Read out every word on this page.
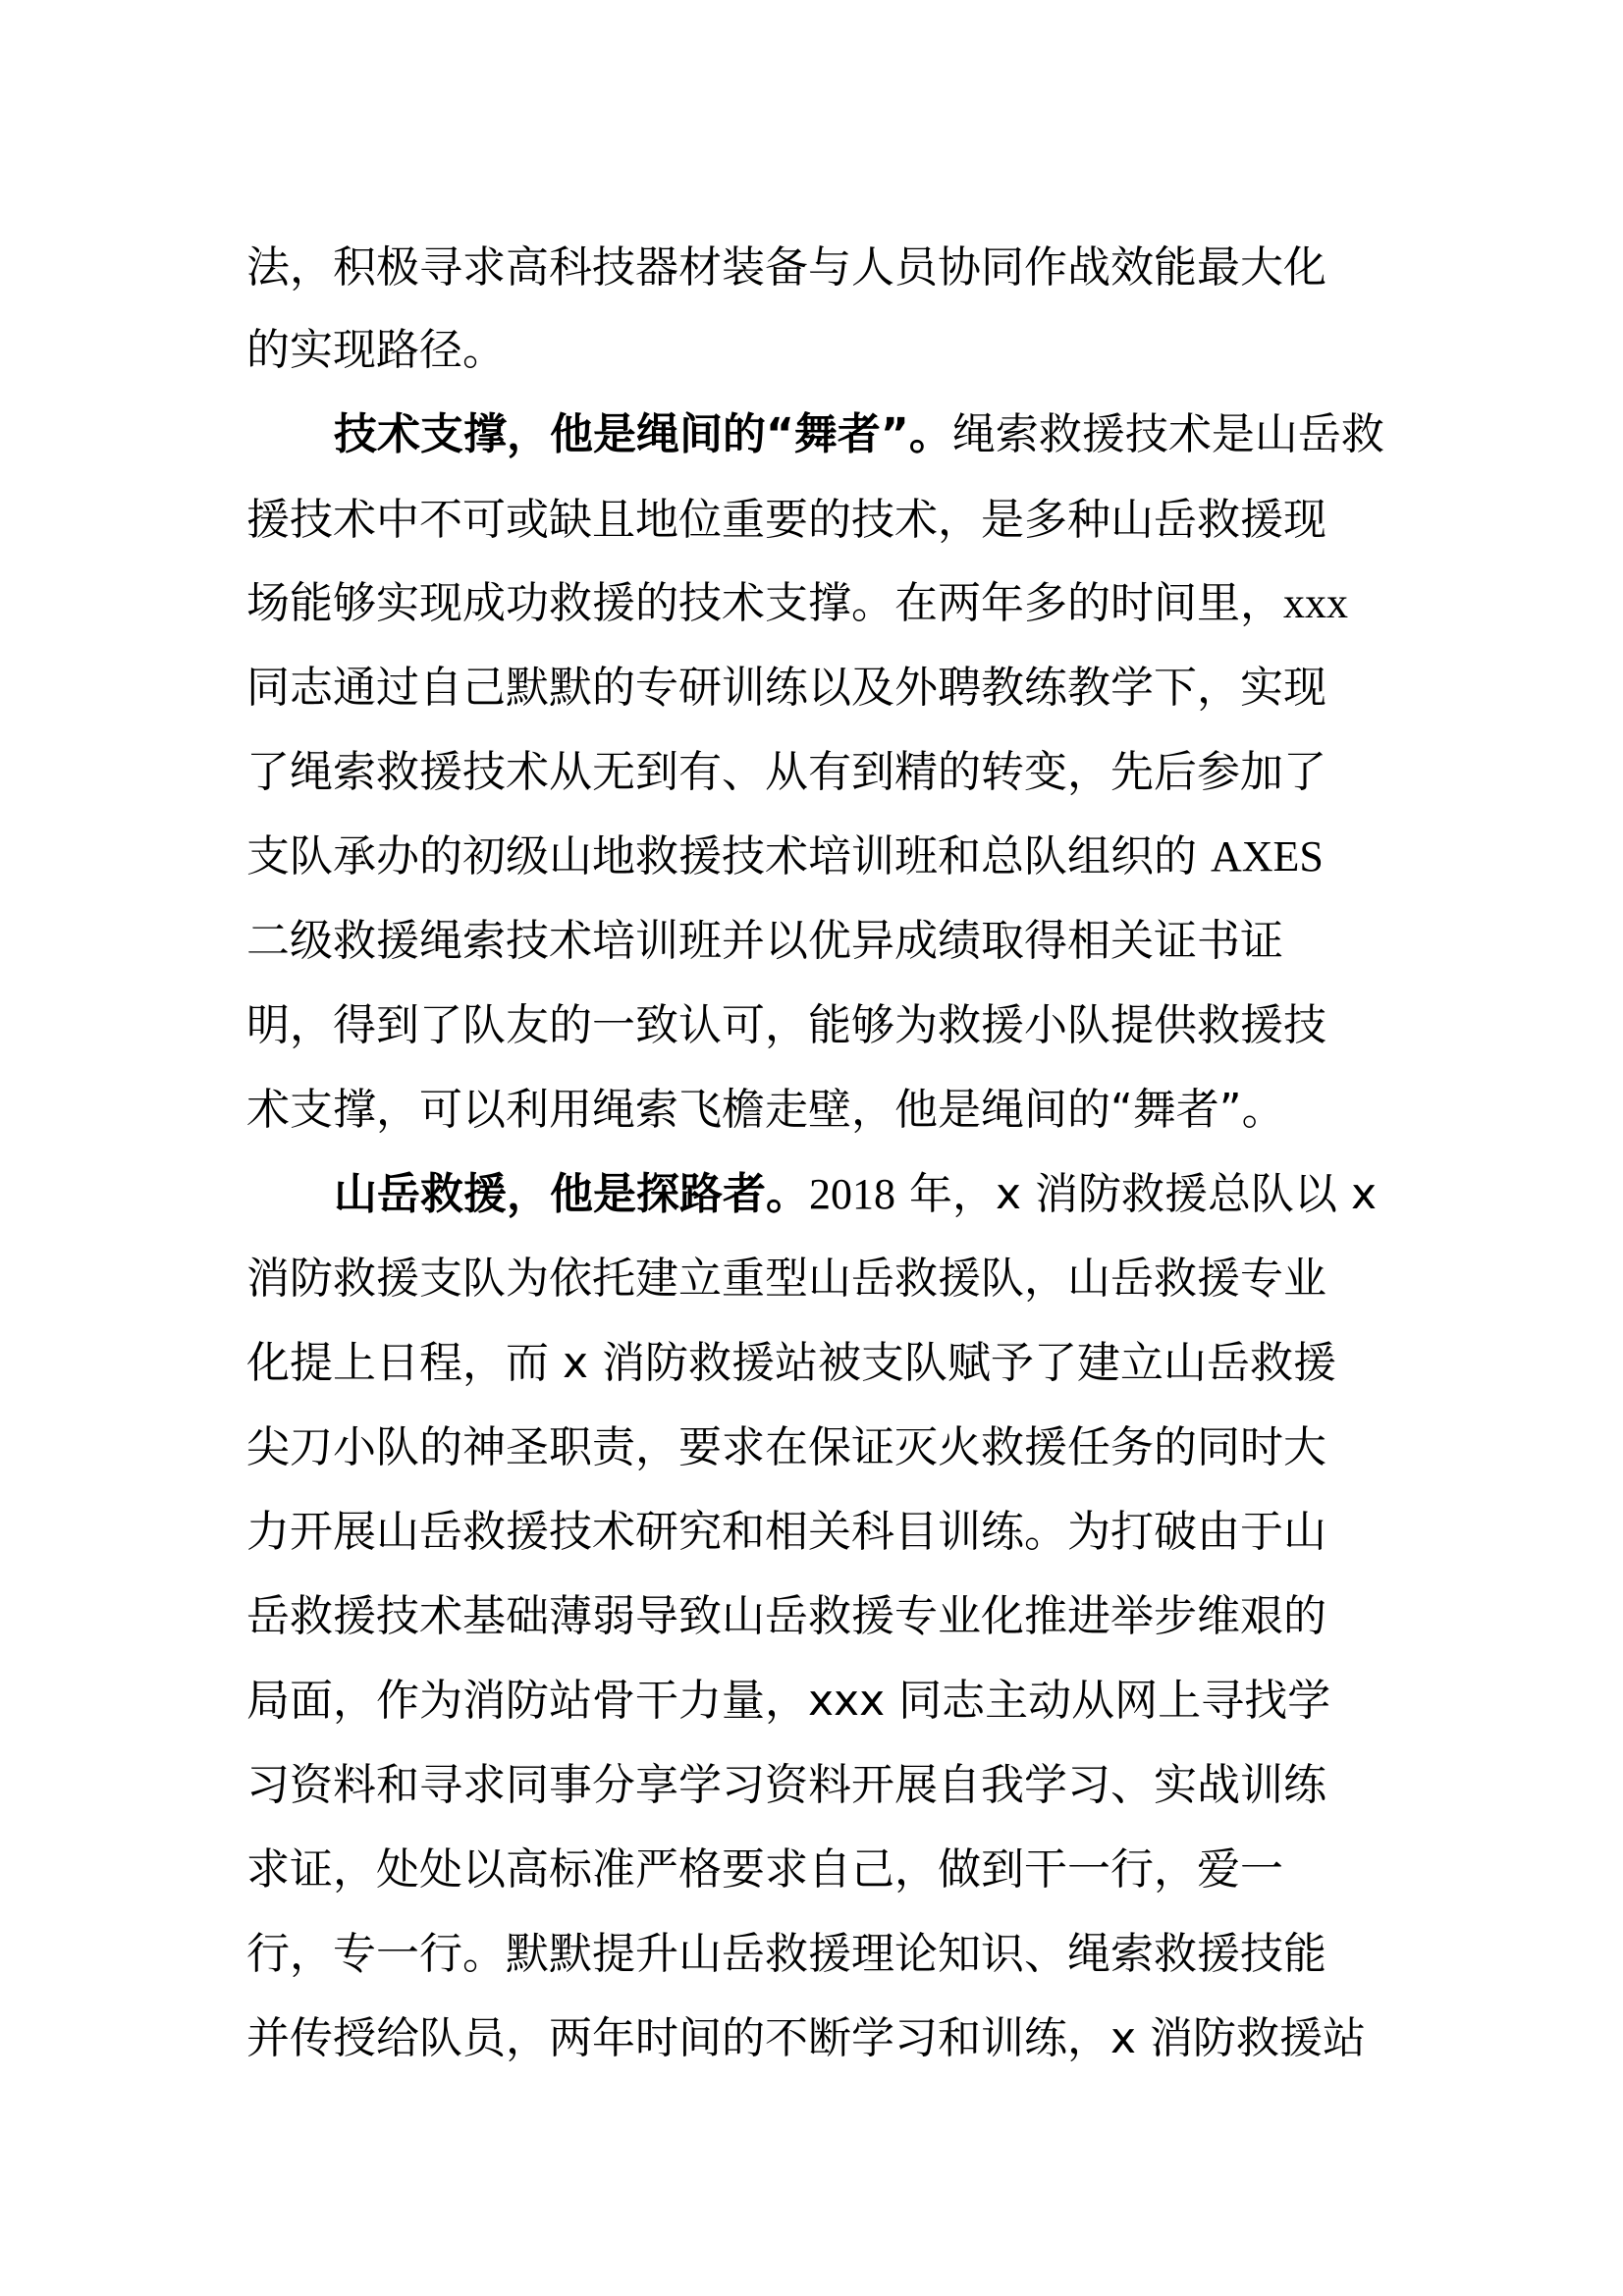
法，积极寻求高科技器材装备与人员协同作战效能最大化
的实现路径。
技术支撑，他是绳间的“舞者”。绳索救援技术是山岳救
援技术中不可或缺且地位重要的技术，是多种山岳救援现
场能够实现成功救援的技术支撑。在两年多的时间里，xxx
同志通过自己默默的专研训练以及外聘教练教学下，实现
了绳索救援技术从无到有、从有到精的转变，先后参加了
支队承办的初级山地救援技术培训班和总队组织的 AXES
二级救援绳索技术培训班并以优异成绩取得相关证书证
明，得到了队友的一致认可，能够为救援小队提供救援技
术支撑，可以利用绳索飞檐走壁，他是绳间的“舞者”。
山岳救援，他是探路者。2018 年，x 消防救援总队以 x
消防救援支队为依托建立重型山岳救援队，山岳救援专业
化提上日程，而 x 消防救援站被支队赋予了建立山岳救援
尖刀小队的神圣职责，要求在保证灭火救援任务的同时大
力开展山岳救援技术研究和相关科目训练。为打破由于山
岳救援技术基础薄弱导致山岳救援专业化推进举步维艰的
局面，作为消防站骨干力量，xxx 同志主动从网上寻找学
习资料和寻求同事分享学习资料开展自我学习、实战训练
求证，处处以高标准严格要求自己，做到干一行，爱一
行，专一行。默默提升山岳救援理论知识、绳索救援技能
并传授给队员，两年时间的不断学习和训练，x 消防救援站
